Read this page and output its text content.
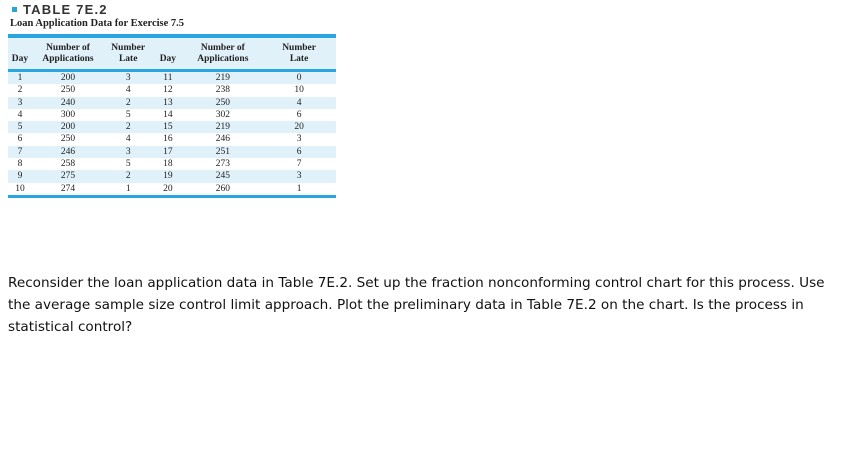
TABLE 7E.2
Loan Application Data for Exercise 7.5
	Number of	Number		Number of	Number
Day	Applications	Late	Day	Applications	Late

1	200	3	11	219	0
2	250	4	12	238	10
3	240	2	13	250	4
4	300	5	14	302	6
5	200	2	15	219	20
6	250	4	16	246	3
7	246	3	17	251	6
8	258	5	18	273	7
9	275	2	19	245	3
10	274	1	20	260	1
Reconsider the loan application data in Table 7E.2. Set up the fraction nonconforming control chart for this process. Use the average sample size control limit approach. Plot the preliminary data in Table 7E.2 on the chart. Is the process in statistical control?
